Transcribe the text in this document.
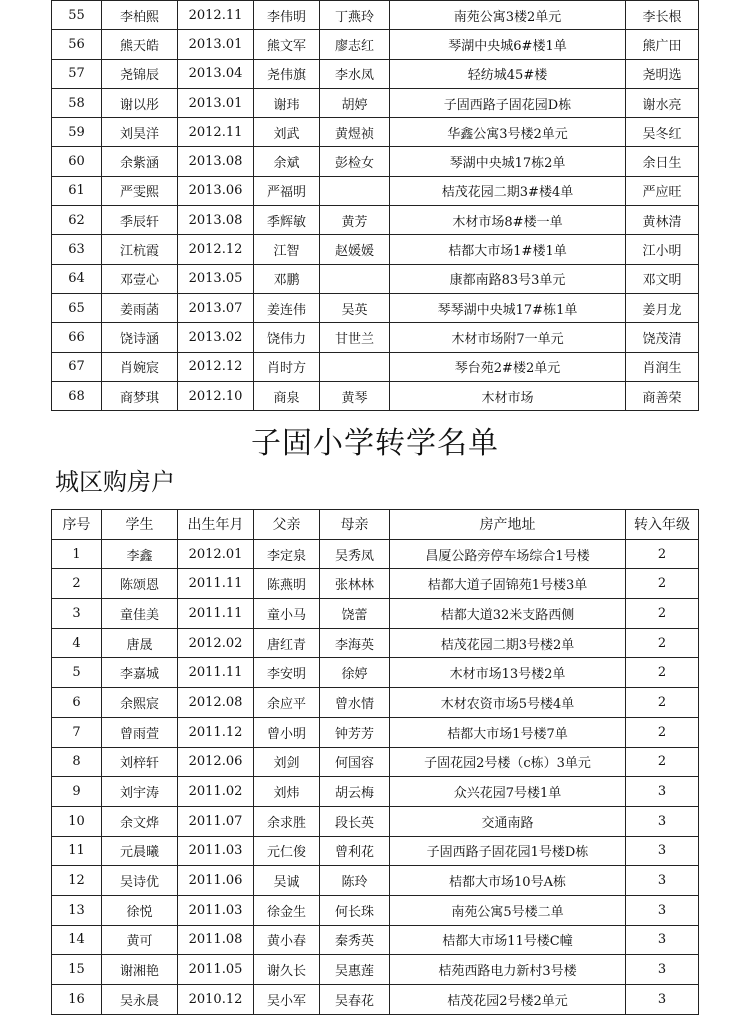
55	李柏熙	2012.11	李伟明	丁燕玲	南苑公寓3楼2单元	李长根
56	熊天皓	2013.01	熊文军	廖志红	琴湖中央城6#楼1单	熊广田
57	尧锦辰	2013.04	尧伟旗	李水凤	轻纺城45#楼	尧明选
58	谢以彤	2013.01	谢玮	胡婷	子固西路子固花园D栋	谢水亮
59	刘昊洋	2012.11	刘武	黄煜祯	华鑫公寓3号楼2单元	吴冬红
60	余紫涵	2013.08	余斌	彭检女	琴湖中央城17栋2单	余日生
61	严雯熙	2013.06	严福明		桔茂花园二期3#楼4单	严应旺
62	季辰轩	2013.08	季辉敏	黄芳	木材市场8#楼一单	黄林清
63	江杭霞	2012.12	江智	赵媛媛	桔都大市场1#楼1单	江小明
64	邓壹心	2013.05	邓鹏		康都南路83号3单元	邓文明
65	姜雨菡	2013.07	姜连伟	吴英	琴琴湖中央城17#栋1单	姜月龙
66	饶诗涵	2013.02	饶伟力	甘世兰	木材市场附7一单元	饶茂清
67	肖婉宸	2012.12	肖时方		琴台苑2#楼2单元	肖润生
68	商梦琪	2012.10	商泉	黄琴	木材市场	商善荣
子固小学转学名单
城区购房户
序号	学生	出生年月	父亲	母亲	房产地址	转入年级
1	李鑫	2012.01	李定泉	吴秀凤	昌厦公路旁停车场综合1号楼	2
2	陈颂恩	2011.11	陈燕明	张林林	桔都大道子固锦苑1号楼3单	2
3	童佳美	2011.11	童小马	饶蕾	桔都大道32米支路西侧	2
4	唐晟	2012.02	唐红青	李海英	桔茂花园二期3号楼2单	2
5	李嘉城	2011.11	李安明	徐婷	木材市场13号楼2单	2
6	余熙宸	2012.08	余应平	曾水情	木材农资市场5号楼4单	2
7	曾雨萱	2011.12	曾小明	钟芳芳	桔都大市场1号楼7单	2
8	刘梓轩	2012.06	刘剑	何国容	子固花园2号楼（c栋）3单元	2
9	刘宇涛	2011.02	刘炜	胡云梅	众兴花园7号楼1单	3
10	余文烨	2011.07	余求胜	段长英	交通南路	3
11	元晨曦	2011.03	元仁俊	曾利花	子固西路子固花园1号楼D栋	3
12	吴诗优	2011.06	吴诚	陈玲	桔都大市场10号A栋	3
13	徐悦	2011.03	徐金生	何长珠	南苑公寓5号楼二单	3
14	黄可	2011.08	黄小春	秦秀英	桔都大市场11号楼C幢	3
15	谢湘艳	2011.05	谢久长	吴惠莲	桔苑西路电力新村3号楼	3
16	吴永晨	2010.12	吴小军	吴春花	桔茂花园2号楼2单元	3
